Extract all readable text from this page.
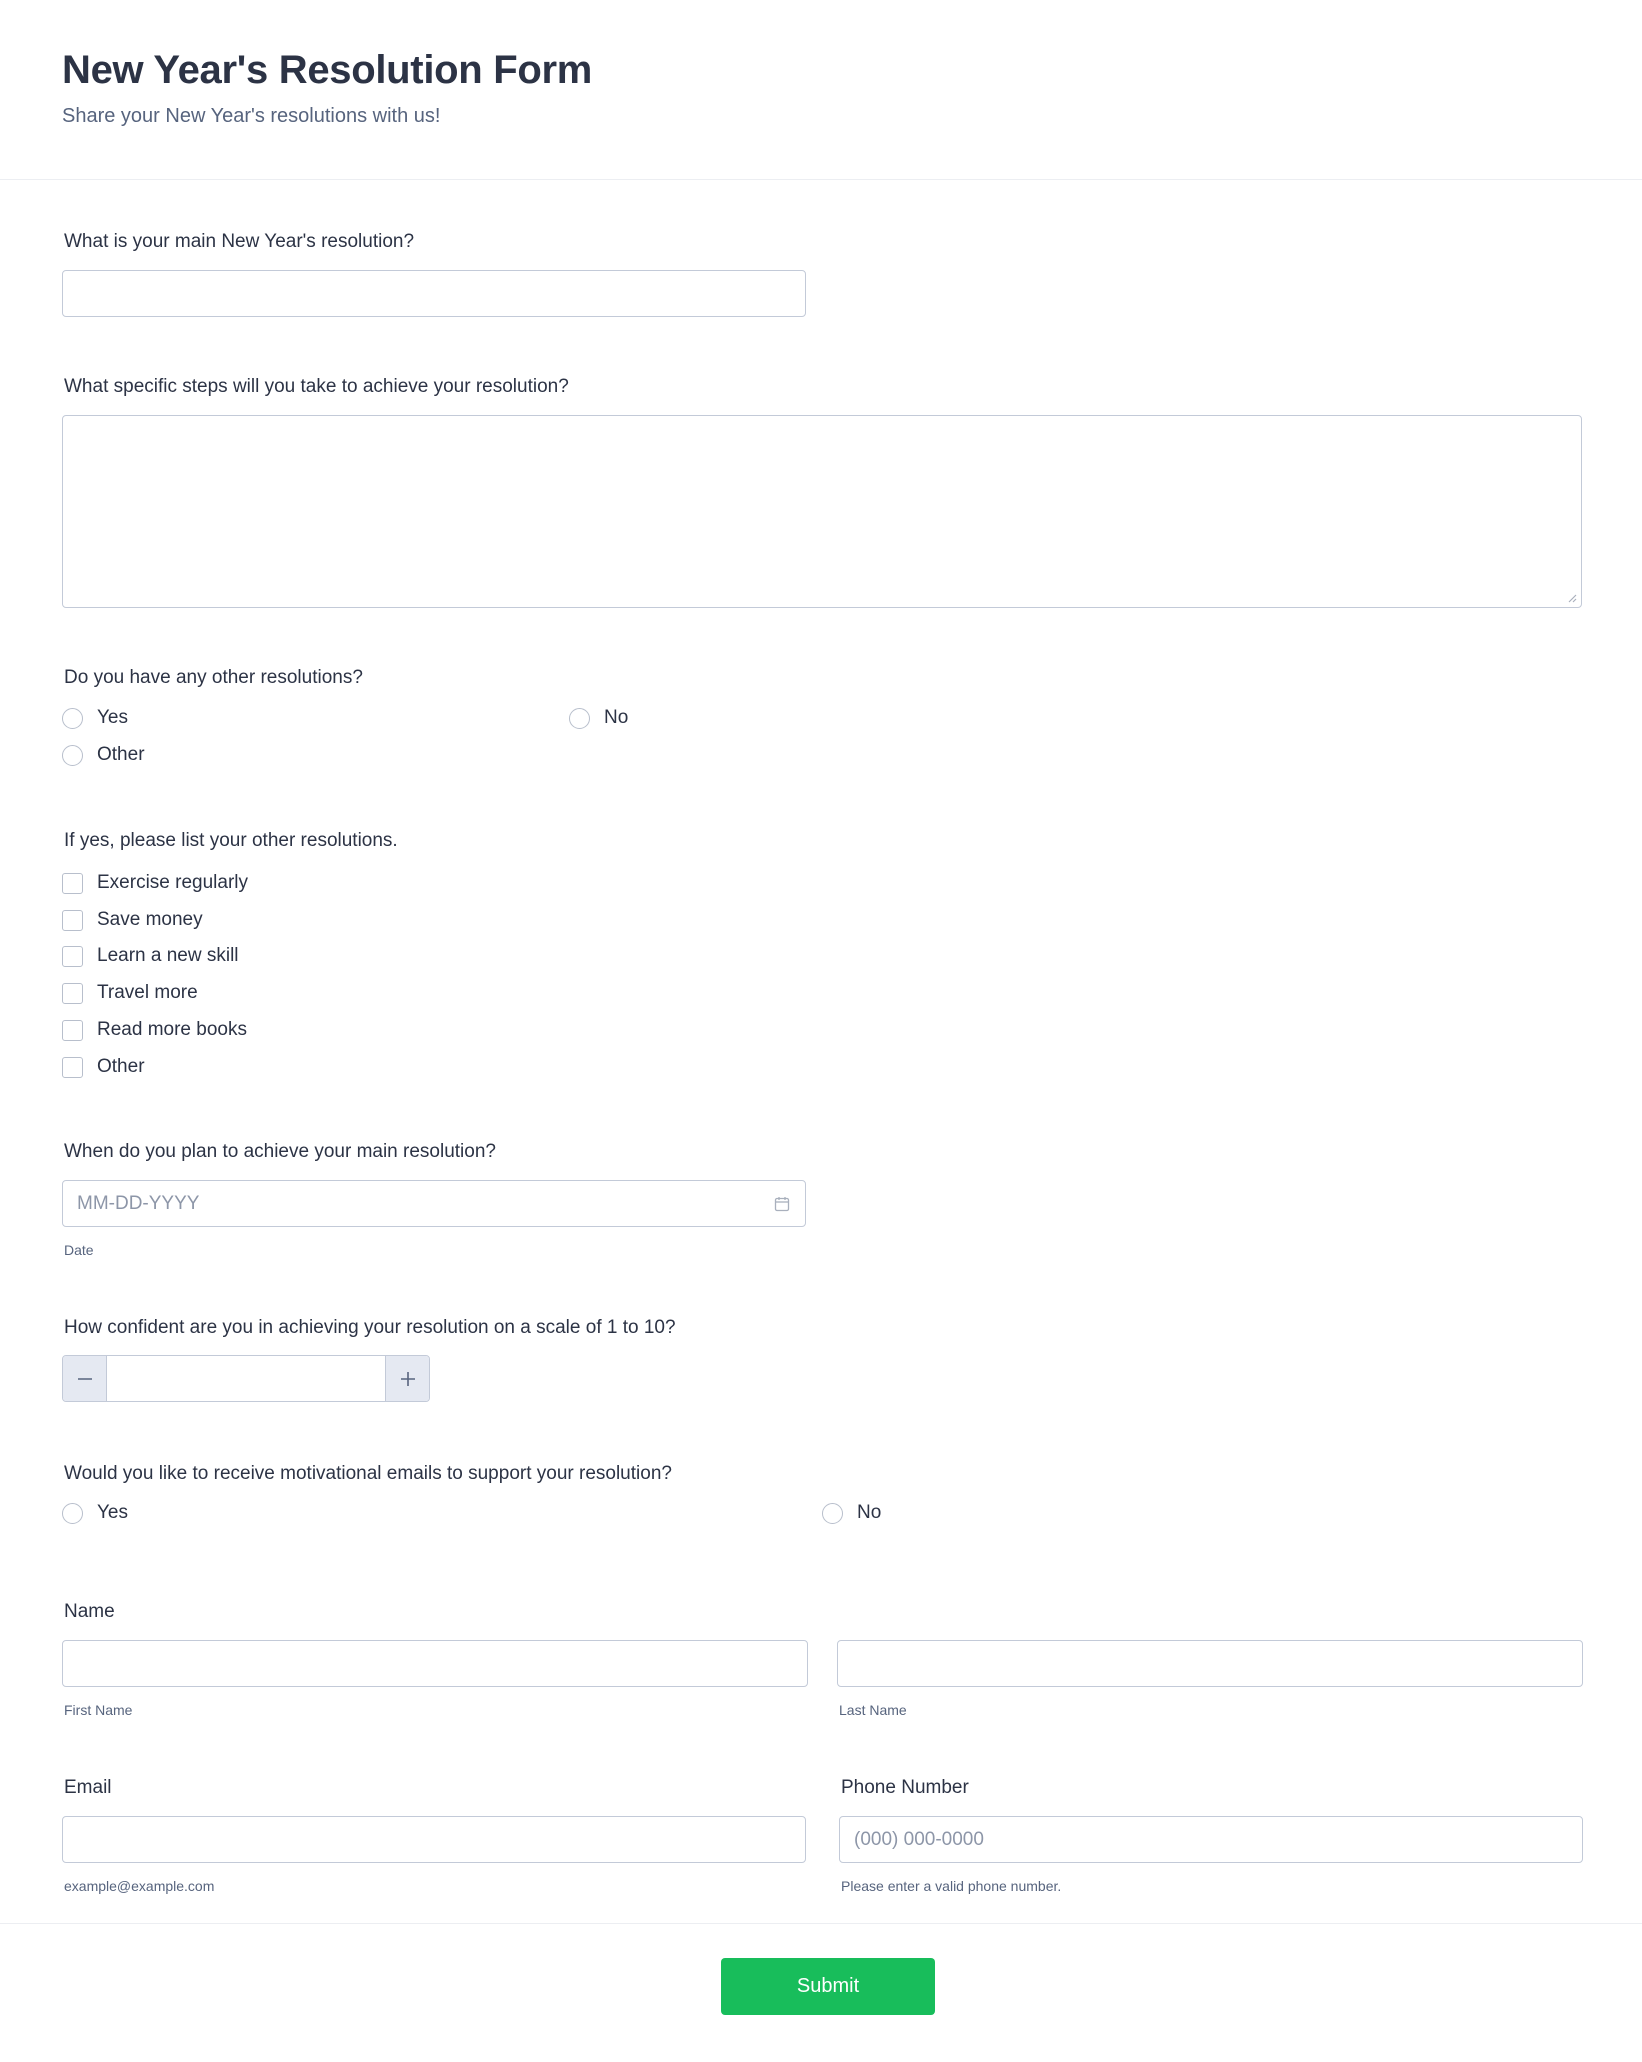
New Year's Resolution Form

Share your New Year's resolutions with us!

What is your main New Year's resolution?

What specific steps will you take to achieve your resolution?

Do you have any other resolutions?

Yes	No
Other

If yes, please list your other resolutions.

Exercise regularly
Save money
Learn a new skill
Travel more
Read more books
Other

When do you plan to achieve your main resolution?

MM-DD-YYYY
Date

How confident are you in achieving your resolution on a scale of 1 to 10?

Would you like to receive motivational emails to support your resolution?

Yes	No

Name

First Name	Last Name

Email	Phone Number

(000) 000-0000
example@example.com	Please enter a valid phone number.
Submit
